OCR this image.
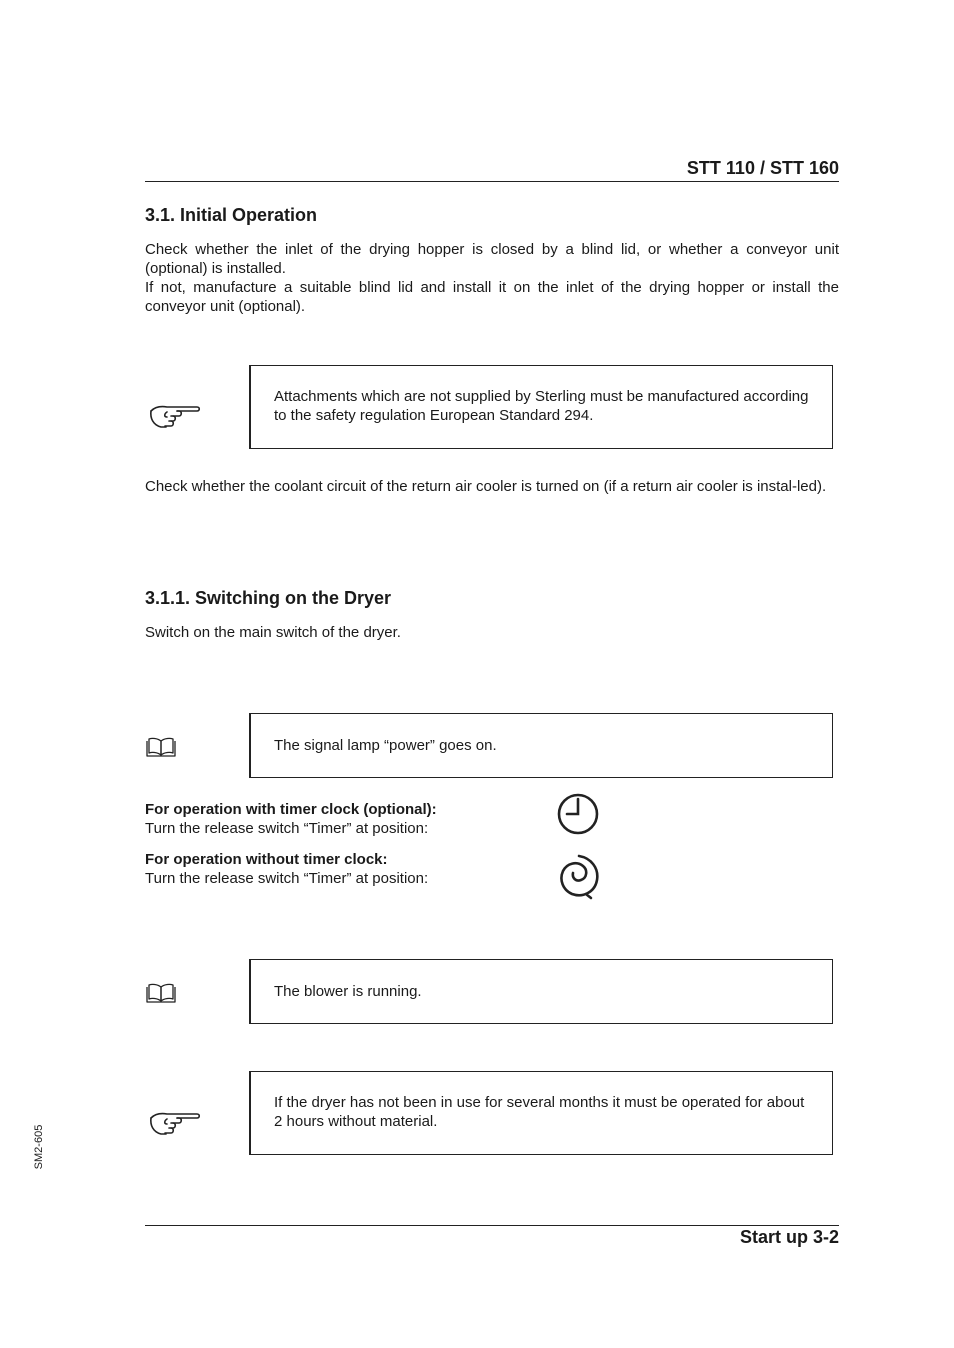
STT 110 / STT 160
3.1. Initial Operation

Check whether the inlet of the drying hopper is closed by a blind lid, or whether a conveyor unit (optional) is installed.

If not, manufacture a suitable blind lid and install it on the inlet of the drying hopper or install the conveyor unit (optional).

Attachments which are not supplied by Sterling must be manufactured according to the safety regulation European Standard 294.

Check whether the coolant circuit of the return air cooler is turned on (if a return air cooler is instal-led).

3.1.1. Switching on the Dryer

Switch on the main switch of the dryer.

The signal lamp “power” goes on.
For operation with timer clock (optional):
Turn the release switch “Timer” at position:
For operation without timer clock:
Turn the release switch “Timer” at position:
The blower is running.
If the dryer has not been in use for several months it must be operated for about 2 hours without material.
SM2-605
Start up 3-2
